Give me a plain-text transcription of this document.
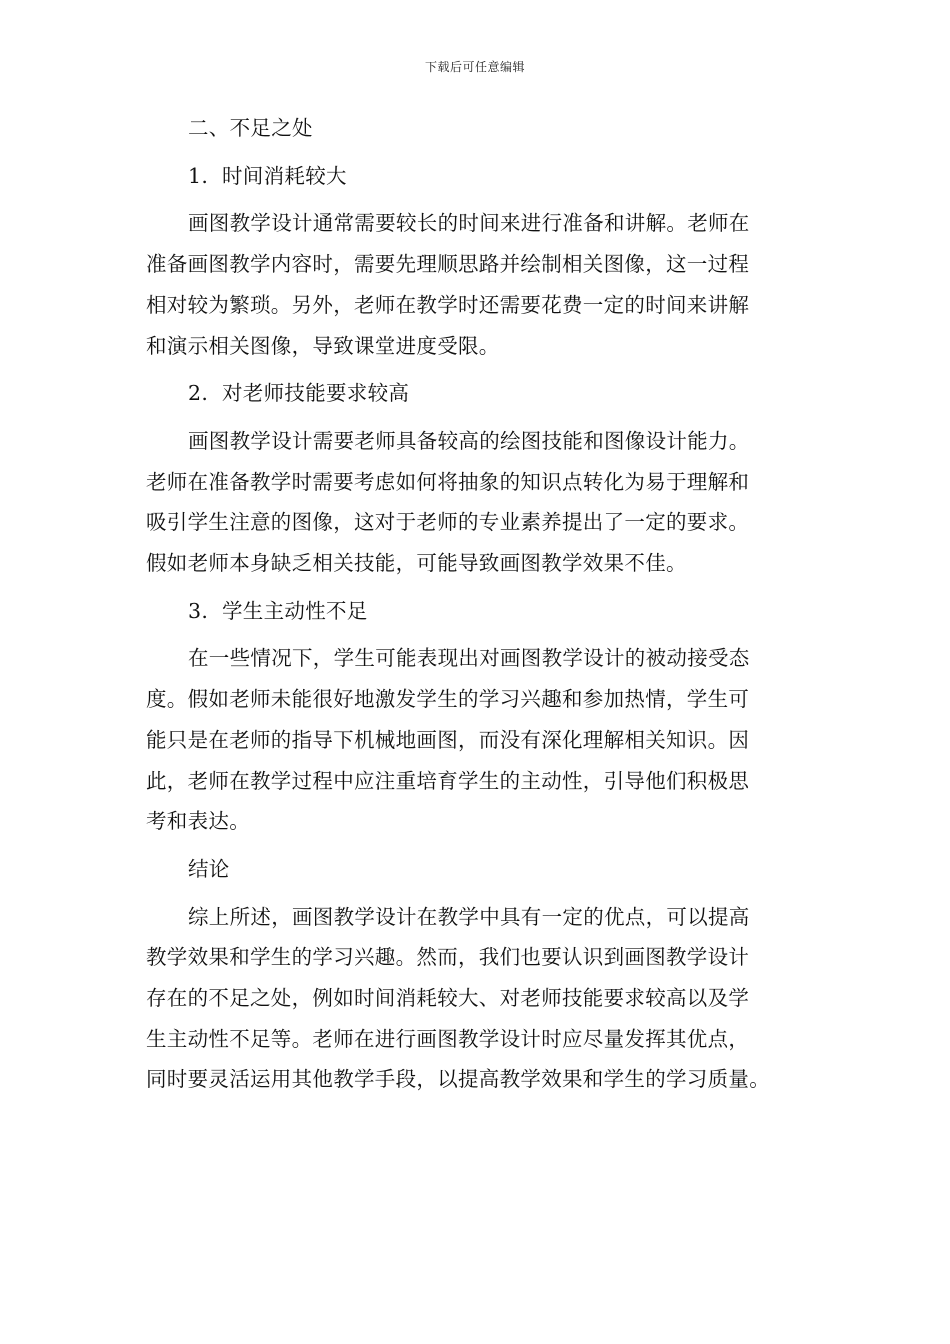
下载后可任意编辑
二、不足之处
1. 时间消耗较大
画图教学设计通常需要较长的时间来进行准备和讲解。老师在
准备画图教学内容时，需要先理顺思路并绘制相关图像，这一过程
相对较为繁琐。另外，老师在教学时还需要花费一定的时间来讲解
和演示相关图像，导致课堂进度受限。
2. 对老师技能要求较高
画图教学设计需要老师具备较高的绘图技能和图像设计能力。
老师在准备教学时需要考虑如何将抽象的知识点转化为易于理解和
吸引学生注意的图像，这对于老师的专业素养提出了一定的要求。
假如老师本身缺乏相关技能，可能导致画图教学效果不佳。
3. 学生主动性不足
在一些情况下，学生可能表现出对画图教学设计的被动接受态
度。假如老师未能很好地激发学生的学习兴趣和参加热情，学生可
能只是在老师的指导下机械地画图，而没有深化理解相关知识。因
此，老师在教学过程中应注重培育学生的主动性，引导他们积极思
考和表达。
结论
综上所述，画图教学设计在教学中具有一定的优点，可以提高
教学效果和学生的学习兴趣。然而，我们也要认识到画图教学设计
存在的不足之处，例如时间消耗较大、对老师技能要求较高以及学
生主动性不足等。老师在进行画图教学设计时应尽量发挥其优点，
同时要灵活运用其他教学手段，以提高教学效果和学生的学习质量。
